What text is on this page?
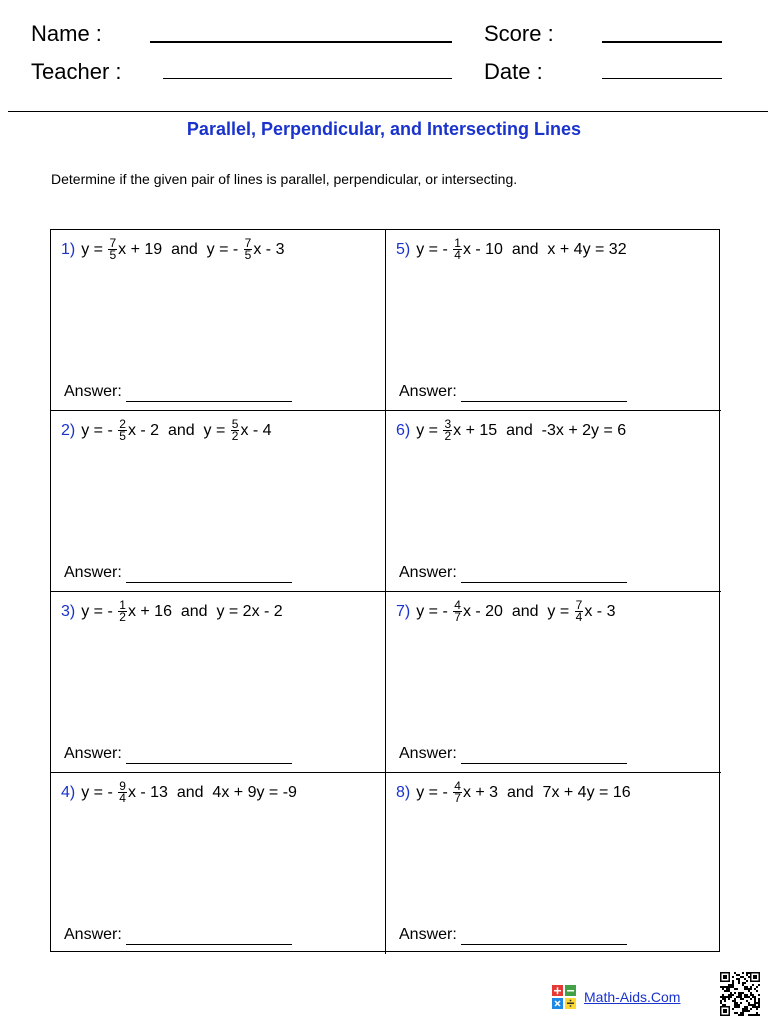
Name :	Score :
Teacher :	Date :
Parallel, Perpendicular, and Intersecting Lines
Determine if the given pair of lines is parallel, perpendicular, or intersecting.
1) $y = \frac{7}{5}$ x + 19  and  y = - $\frac{7}{5}$ x - 3
Answer:
5) y = - $\frac{1}{4}$ x - 10  and  x + 4y = 32
Answer:
2) y = - $\frac{2}{5}$ x - 2  and  $y = \frac{5}{2}$ x - 4
Answer:
6) $y = \frac{3}{2}$ x + 15  and  -3x + 2y = 6
Answer:
3) y = - $\frac{1}{2}$ x + 16  and  y = 2x - 2
Answer:
7) y = - $\frac{4}{7}$ x - 20  and  $y = \frac{7}{4}$ x - 3
Answer:
4) y = - $\frac{9}{4}$ x - 13  and  4x + 9y = -9
Answer:
8) y = - $\frac{4}{7}$ x + 3  and  7x + 4y = 16
Answer:
Math-Aids.Com
